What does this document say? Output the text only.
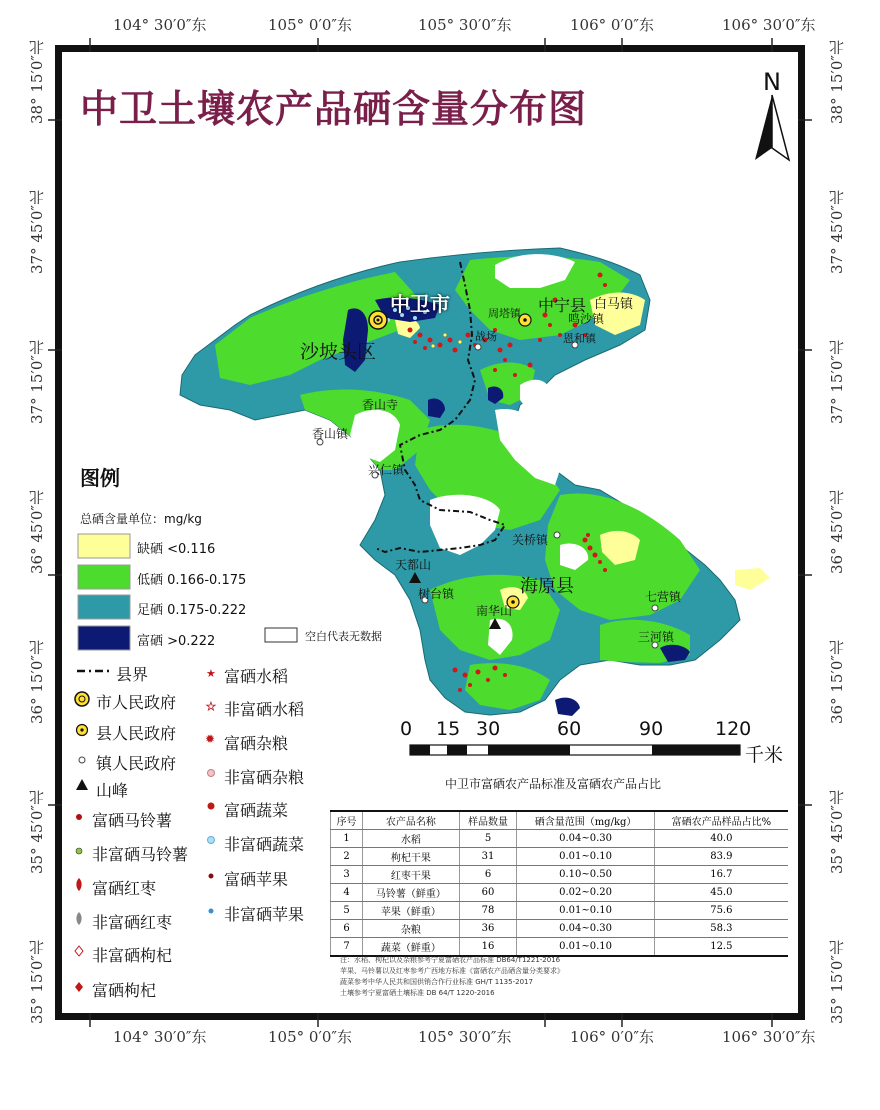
104° 30′0″东	105° 0′0″东	105° 30′0″东	106° 0′0″东	106° 30′0″东
104° 30′0″东	105° 0′0″东	105° 30′0″东	106° 0′0″东	106° 30′0″东
38° 15′0″北
37° 45′0″北
37° 15′0″北
36° 45′0″北
36° 15′0″北
35° 45′0″北
35° 15′0″北
38° 15′0″北
37° 45′0″北
37° 15′0″北
36° 45′0″北
36° 15′0″北
35° 45′0″北
35° 15′0″北
★
★
✹
中卫土壤农产品硒含量分布图
N
中卫市
沙坡头区
中宁县
海原县
白马镇
鸣沙镇
周塔镇
恩和镇
战场
香山寺
香山镇
兴仁镇
关桥镇
天都山
树台镇
南华山
七营镇
三河镇
图例
总硒含量单位：mg/kg
缺硒 <0.116
低硒 0.166-0.175
足硒 0.175-0.222
富硒 >0.222	空白代表无数据
县界
市人民政府
县人民政府
镇人民政府
山峰
富硒马铃薯
非富硒马铃薯
富硒红枣
非富硒红枣
非富硒枸杞
富硒枸杞
富硒水稻
非富硒水稻
富硒杂粮
非富硒杂粮
富硒蔬菜
非富硒蔬菜
富硒苹果
非富硒苹果
0 15 30	60	90	120
千米
中卫市富硒农产品标准及富硒农产品占比
序号	农产品名称	样品数量	硒含量范围（mg/kg）	富硒农产品样品占比%
1	水稻	5	0.04~0.30	40.0
2	枸杞干果	31	0.01~0.10	83.9
3	红枣干果	6	0.10~0.50	16.7
4	马铃薯（鲜重）	60	0.02~0.20	45.0
5	苹果（鲜重）	78	0.01~0.10	75.6
6	杂粮	36	0.04~0.30	58.3
7	蔬菜（鲜重）	16	0.01~0.10	12.5
注：水稻、枸杞以及杂粮参考宁夏富硒农产品标准 DB64/T1221-2016
苹果、马铃薯以及红枣参考广西地方标准《富硒农产品硒含量分类要求》
蔬菜参考中华人民共和国供销合作行业标准 GH/T 1135-2017
土壤参考宁夏富硒土壤标准 DB 64/T 1220-2016
